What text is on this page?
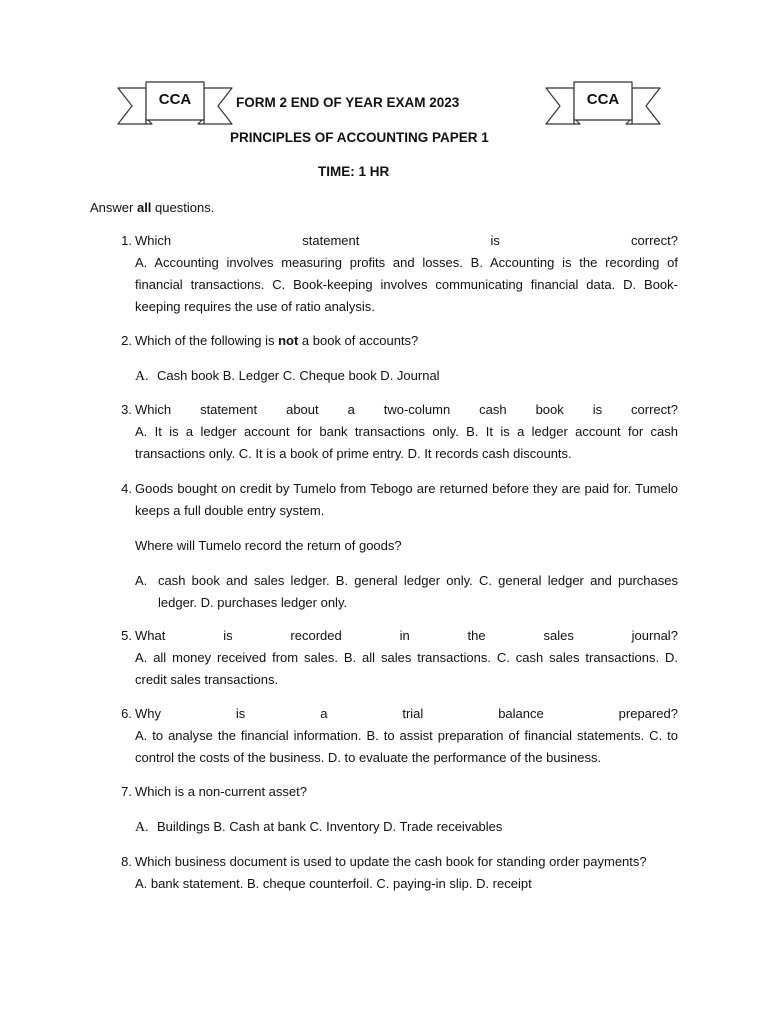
CCA	CCA
FORM 2 END OF YEAR EXAM 2023
PRINCIPLES OF ACCOUNTING PAPER 1
TIME: 1 HR
Answer all questions.
1. Which	statement	is	correct?
A. Accounting involves measuring profits and losses. B. Accounting is the recording of financial transactions. C. Book-keeping involves communicating financial data. D. Book-keeping requires the use of ratio analysis.
2. Which of the following is not a book of accounts?
A. Cash book B. Ledger C. Cheque book D. Journal
3. Which statement about a two-column cash book is correct?
A. It is a ledger account for bank transactions only. B. It is a ledger account for cash transactions only. C. It is a book of prime entry. D. It records cash discounts.
4. Goods bought on credit by Tumelo from Tebogo are returned before they are paid for. Tumelo keeps a full double entry system.
Where will Tumelo record the return of goods?
A. cash book and sales ledger. B. general ledger only. C. general ledger and purchases ledger. D. purchases ledger only.
5. What	is	recorded	in	the	sales	journal?
A. all money received from sales. B. all sales transactions. C. cash sales transactions. D. credit sales transactions.
6. Why	is	a	trial	balance	prepared?
A. to analyse the financial information. B. to assist preparation of financial statements. C. to control the costs of the business. D. to evaluate the performance of the business.
7. Which is a non-current asset?
A. Buildings B. Cash at bank C. Inventory D. Trade receivables
8. Which business document is used to update the cash book for standing order payments?
A. bank statement. B. cheque counterfoil. C. paying-in slip. D. receipt
